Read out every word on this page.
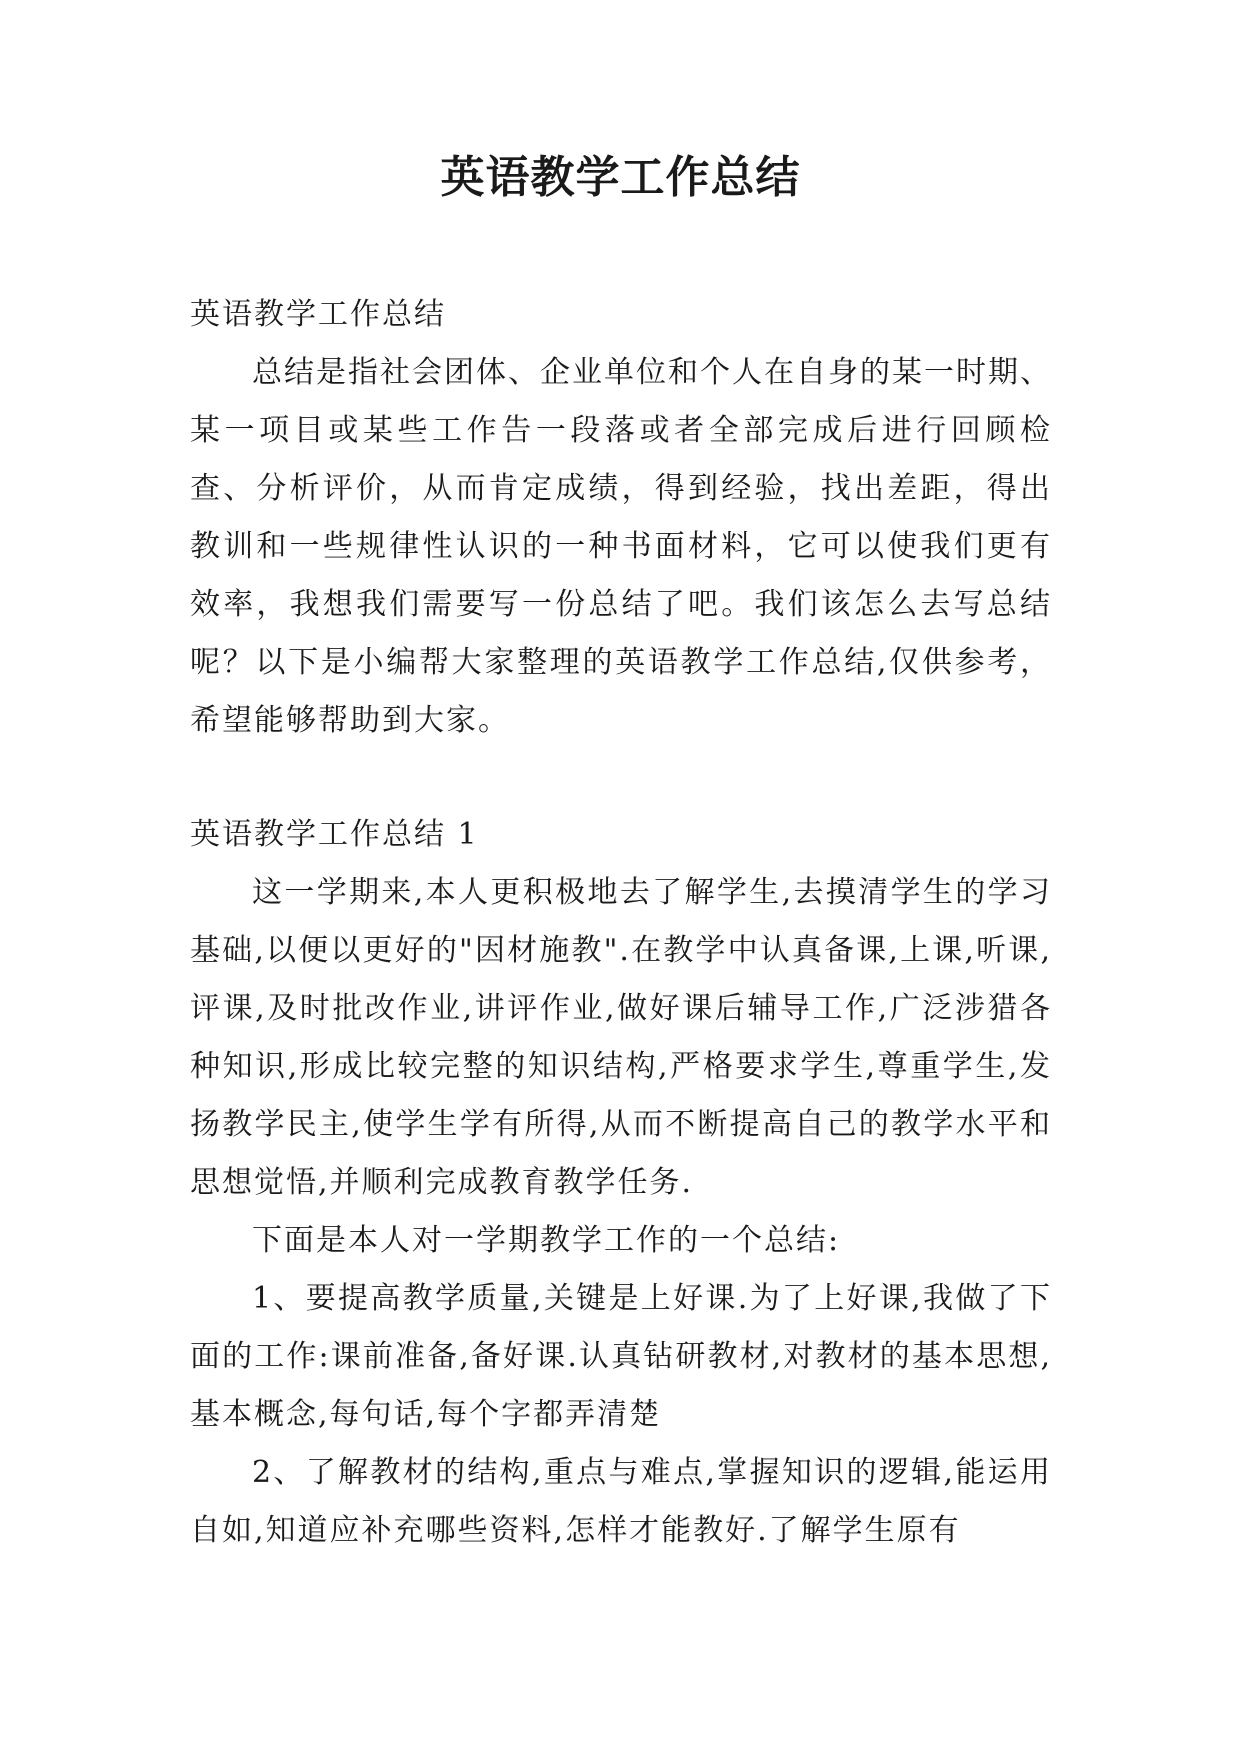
英语教学工作总结

英语教学工作总结

总结是指社会团体、企业单位和个人在自身的某一时期、某一项目或某些工作告一段落或者全部完成后进行回顾检查、分析评价，从而肯定成绩，得到经验，找出差距，得出教训和一些规律性认识的一种书面材料，它可以使我们更有效率，我想我们需要写一份总结了吧。我们该怎么去写总结呢？以下是小编帮大家整理的英语教学工作总结,仅供参考，希望能够帮助到大家。

英语教学工作总结 1

这一学期来,本人更积极地去了解学生,去摸清学生的学习基础,以便以更好的"因材施教".在教学中认真备课,上课,听课,评课,及时批改作业,讲评作业,做好课后辅导工作,广泛涉猎各种知识,形成比较完整的知识结构,严格要求学生,尊重学生,发扬教学民主,使学生学有所得,从而不断提高自己的教学水平和思想觉悟,并顺利完成教育教学任务.

下面是本人对一学期教学工作的一个总结:

1、要提高教学质量,关键是上好课.为了上好课,我做了下面的工作:课前准备,备好课.认真钻研教材,对教材的基本思想,基本概念,每句话,每个字都弄清楚

2、了解教材的结构,重点与难点,掌握知识的逻辑,能运用自如,知道应补充哪些资料,怎样才能教好.了解学生原有
